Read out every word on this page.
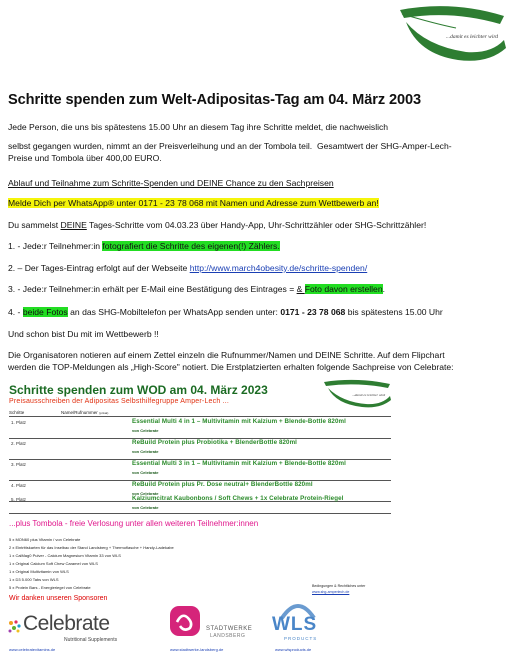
...damit es leichter wird
Schritte spenden zum Welt-Adipositas-Tag am 04. März 2003
Jede Person, die uns bis spätestens 15.00 Uhr an diesem Tag ihre Schritte meldet, die nachweislich
selbst gegangen wurden, nimmt an der Preisverleihung und an der Tombola teil. Gesamtwert der SHG-Amper-Lech-
Preise und Tombola über 400,00 EURO.
Ablauf und Teilnahme zum Schritte-Spenden und DEINE Chance zu den Sachpreisen
Melde Dich per WhatsApp® unter 0171 - 23 78 068 mit Namen und Adresse zum Wettbewerb an!
Du sammelst DEINE Tages-Schritte vom 04.03.23 über Handy-App, Uhr-Schrittzähler oder SHG-Schrittzähler!
1. - Jede:r Teilnehmer:in fotografiert die Schritte des eigenen(!) Zählers.
2. – Der Tages-Eintrag erfolgt auf der Webseite http://www.march4obesity.de/schritte-spenden/
3. - Jede:r Teilnehmer:in erhält per E-Mail eine Bestätigung des Eintrages = & Foto davon erstellen.
4. - beide Fotos an das SHG-Mobiltelefon per WhatsApp senden unter: 0171 - 23 78 068 bis spätestens 15.00 Uhr
Und schon bist Du mit im Wettbewerb !!
Die Organisatoren notieren auf einem Zettel einzeln die Rufnummer/Namen und DEINE Schritte. Auf dem Flipchart
werden die TOP-Meldungen als „High-Score" notiert. Die Erstplatzierten erhalten folgende Sachpreise von Celebrate:
Schritte spenden zum WOD am 04. März 2023
Preisausschreiben der Adipositas Selbsthilfegruppe Amper-Lech ...
...damit es leichter wird
Schritte	Name/Rufnummer (privat)
1. Platz	Essential Multi 4 in 1 – Multivitamin mit Kalzium + Blende-Bottle 820ml
von Celebrate
2. Platz	ReBuild Protein plus Probiotika + BlenderBottle 820ml
von Celebrate
3. Platz	Essential Multi 3 in 1 – Multivitamin mit Kalzium + Blende-Bottle 820ml
von Celebrate
4. Platz	ReBuild Protein plus Pr. Dose neutral+ BlenderBottle 820ml
von Celebrate
5. Platz	Kalziumcitrat Kaubonbons / Soft Chews + 1x Celebrate Protein-Riegel
von Celebrate
...plus Tombola - freie Verlosung unter allen weiteren Teilnehmer:innen
5 x MON60 plus Vitamin / von Celebrate
2 x Eintrittskarten für das Inselbac der Stand Landsberg + Thermoflasche + Handy-Ladekabe
1 x CalMag0 Pulver - Calcium Magnesium Vitamin 33 von WLS
1 x Original Calcium Soft Chew Caramel von WLS
1 x Original Multivitamin von WLS
1 x D3 5.000 Tabs von WLS
5 x Protein Bars - Energieriegel von Celebrate	Bedingungen & Rechtliches unter
www.shg-amperlech.de
Wir danken unseren Sponsoren
Celebrate
Nutritional Supplements
www.celebratevitamins.de
STADTWERKE
LANDSBERG
www.stadtwerke-landsberg.de
WLS
PRODUCTS
www.wlsproducts.de
